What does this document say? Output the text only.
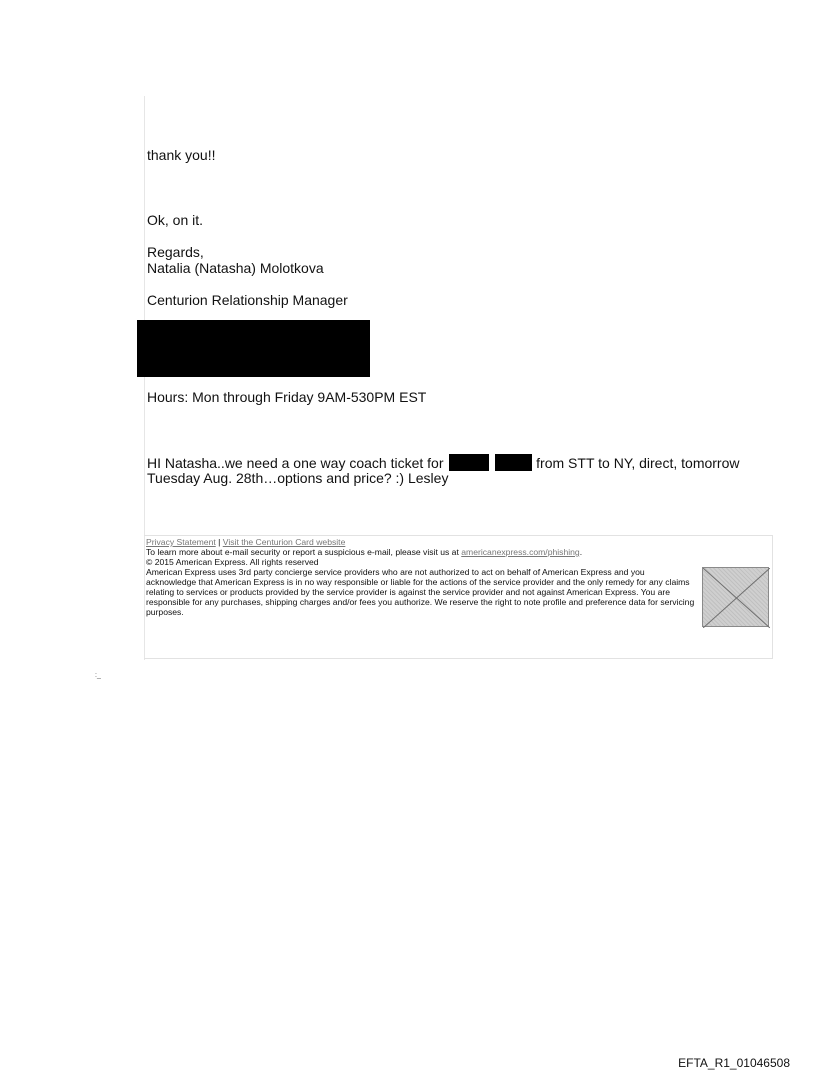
thank you!!

Ok, on it.

Regards,

Natalia (Natasha) Molotkova

Centurion Relationship Manager

Hours: Mon through Friday 9AM-530PM EST

HI Natasha..we need a one way coach ticket for	from STT to NY, direct, tomorrow

Tuesday Aug. 28th…options and price? :) Lesley

Privacy Statement | Visit the Centurion Card website

To learn more about e-mail security or report a suspicious e-mail, please visit us at americanexpress.com/phishing.

© 2015 American Express. All rights reserved

American Express uses 3rd party concierge service providers who are not authorized to act on behalf of American Express and you acknowledge that American Express is in no way responsible or liable for the actions of the service provider and the only remedy for any claims relating to services or products provided by the service provider is against the service provider and not against American Express. You are responsible for any purchases, shipping charges and/or fees you authorize. We reserve the right to note profile and preference data for servicing purposes.

:_
EFTA_R1_01046508
